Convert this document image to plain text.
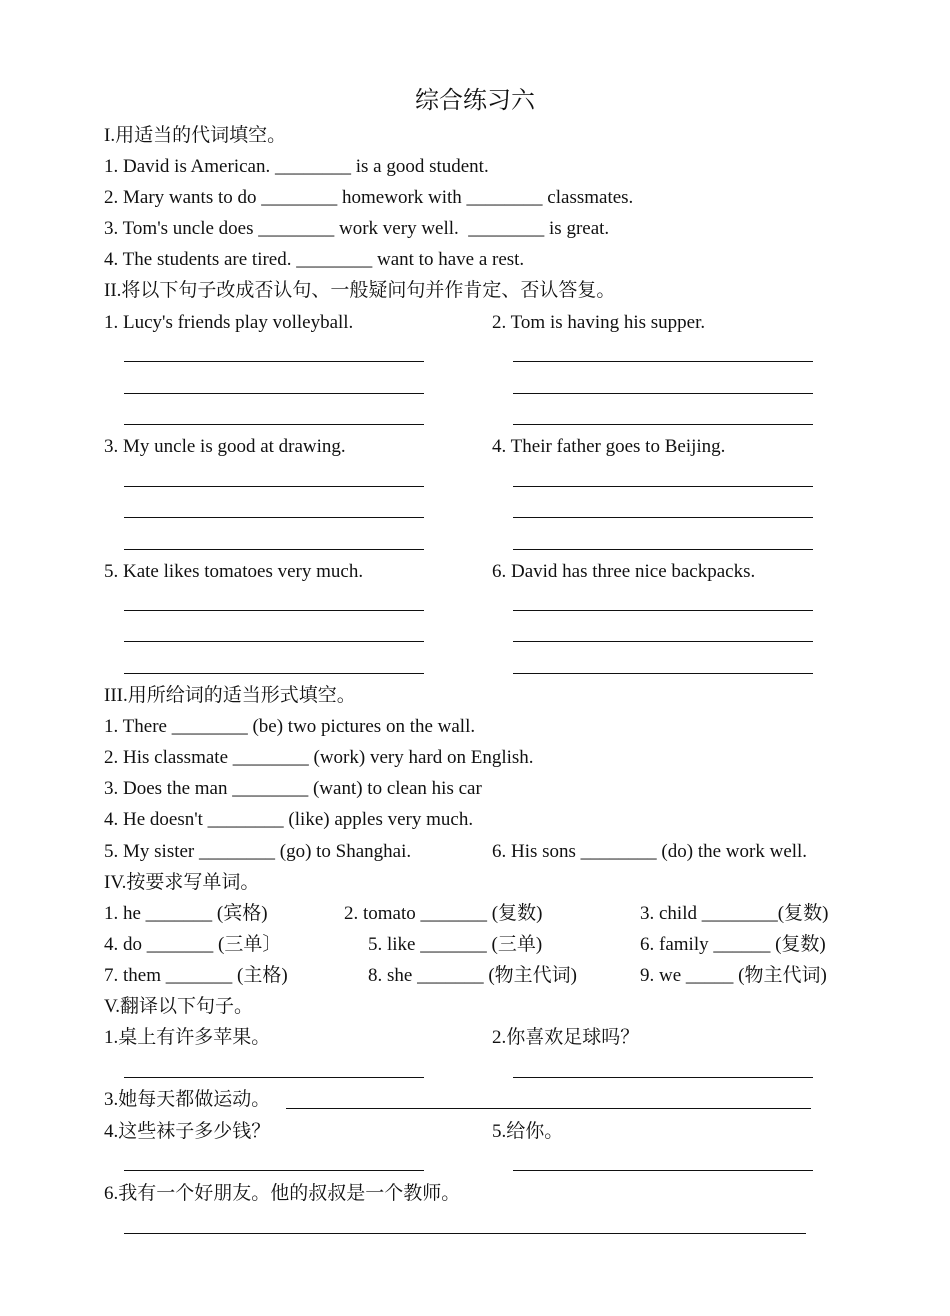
综合练习六
I.用适当的代词填空。
1. David is American. ________ is a good student.
2. Mary wants to do ________ homework with ________ classmates.
3. Tom's uncle does ________ work very well.  ________ is great.
4. The students are tired. ________ want to have a rest.
II.将以下句子改成否认句、一般疑问句并作肯定、否认答复。
1. Lucy's friends play volleyball.	2. Tom is having his supper.
3. My uncle is good at drawing.	4. Their father goes to Beijing.
5. Kate likes tomatoes very much.	6. David has three nice backpacks.
III.用所给词的适当形式填空。
1. There ________ (be) two pictures on the wall.
2. His classmate ________ (work) very hard on English.
3. Does the man ________ (want) to clean his car
4. He doesn't ________ (like) apples very much.
5. My sister ________ (go) to Shanghai.	6. His sons ________ (do) the work well.
IV.按要求写单词。
1. he _______ (宾格)	2. tomato _______ (复数)	3. child ________(复数)
4. do _______ (三单〕	5. like _______ (三单)	6. family ______ (复数)
7. them _______ (主格)	8. she _______ (物主代词)	9. we _____ (物主代词)
V.翻译以下句子。
1.桌上有许多苹果。	2.你喜欢足球吗？
3.她每天都做运动。
4.这些袜子多少钱？	5.给你。
6.我有一个好朋友。他的叔叔是一个教师。
